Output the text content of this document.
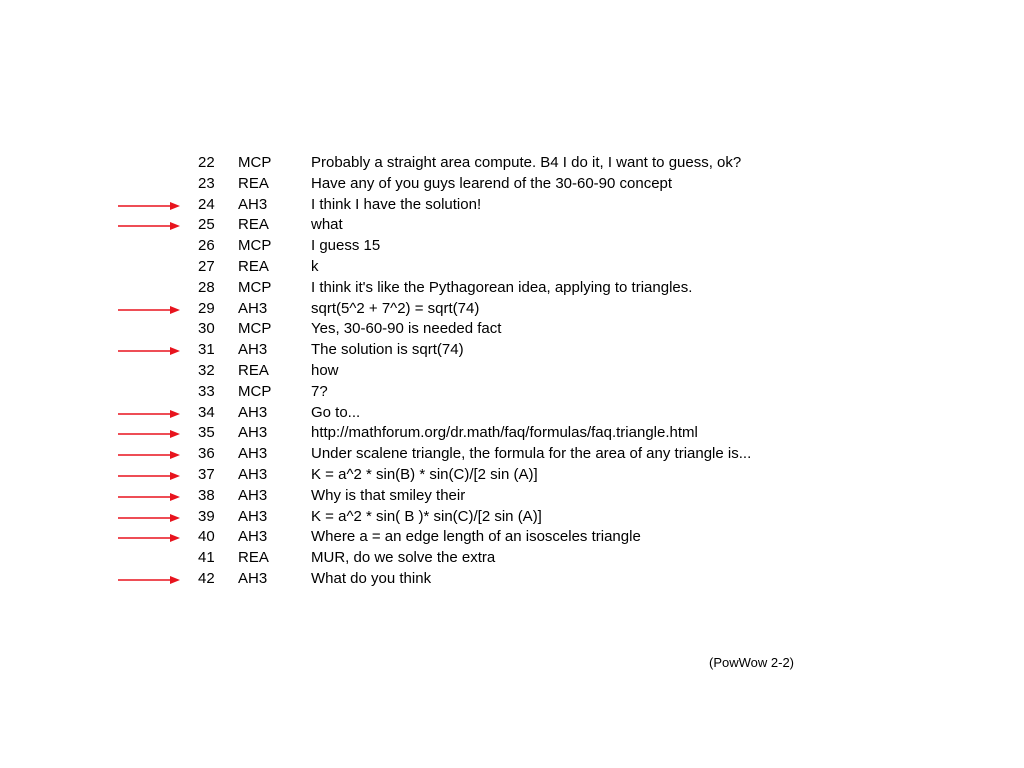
22 MCP	Probably a straight area compute. B4 I do it, I want to guess, ok?
23 REA	Have any of you guys learend of the 30-60-90 concept
24 AH3	I think I have the solution!
25 REA	what
26 MCP	I guess 15
27 REA	k
28 MCP	I think it's like the Pythagorean idea, applying to triangles.
29 AH3	sqrt(5^2 + 7^2) = sqrt(74)
30 MCP	Yes, 30-60-90 is needed fact
31 AH3	The solution is sqrt(74)
32 REA	how
33 MCP	7?
34 AH3	Go to...
35 AH3	http://mathforum.org/dr.math/faq/formulas/faq.triangle.html
36 AH3	Under scalene triangle, the formula for the area of any triangle is...
37 AH3	K = a^2 * sin(B) * sin(C)/[2 sin (A)]
38 AH3	Why is that smiley their
39 AH3	K = a^2 * sin( B )* sin(C)/[2 sin (A)]
40 AH3	Where a = an edge length of an isosceles triangle
41 REA	MUR, do we solve the extra
42 AH3	What do you think
(PowWow 2-2)
